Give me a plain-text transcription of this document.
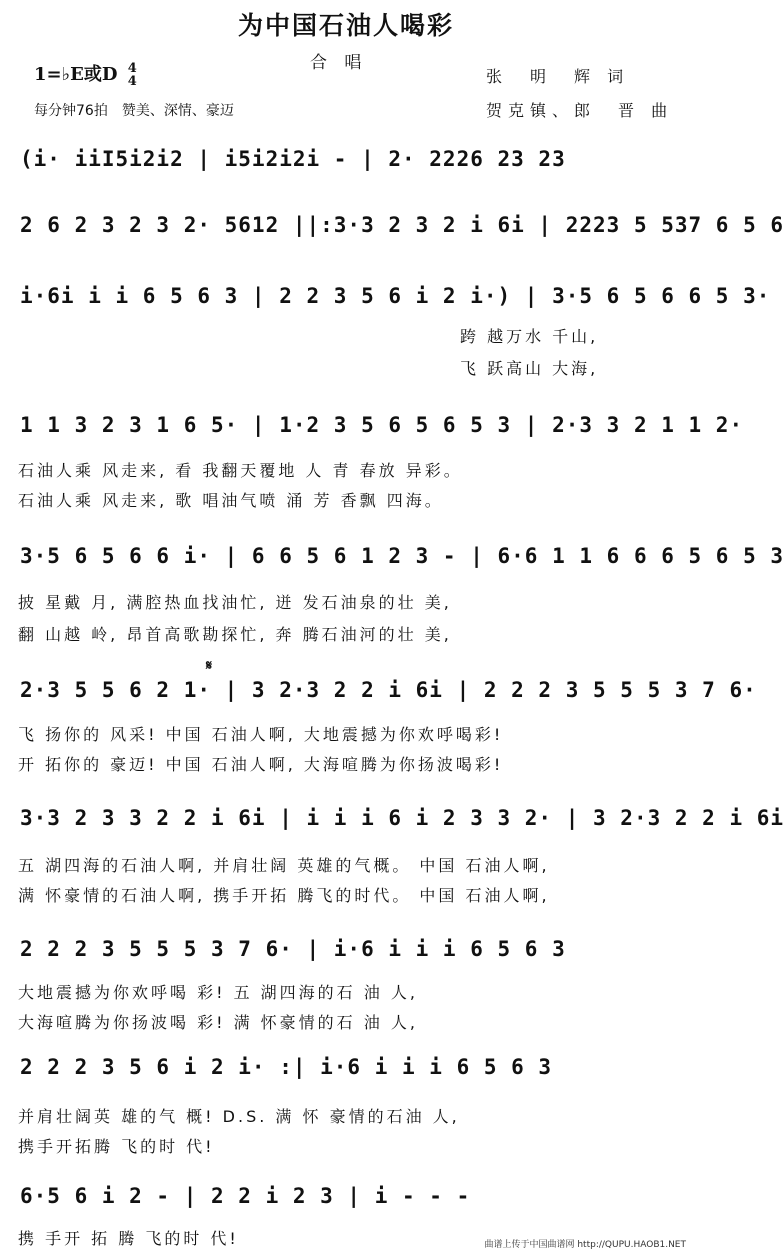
为中国石油人喝彩
合 唱
1=♭E或D 4
4
每分钟76拍　赞美、深情、豪迈
张　明　辉 词
贺克镇、郎　晋 曲
(i· iiI5i2i2 | i5i2i2i - | 2· 2226 23 23
2 6 2 3 2 3 2· 5612 ||:3·3 2 3 2 i 6i | 2223 5 537 6 5 6
i·6i i i 6 5 6 3 | 2 2 3 5 6 i 2 i·) | 3·5 6 5 6 6 5 3·
跨 越万水 千山,
飞 跃高山 大海,
1 1 3 2 3 1 6 5· | 1·2 3 5 6 5 6 5 3 | 2·3 3 2 1 1 2·
石油人乘 风走来, 看 我翻天覆地 人 青 春放 异彩。
石油人乘 风走来, 歌 唱油气喷 涌 芳 香飘 四海。
3·5 6 5 6 6 i· | 6 6 5 6 1 2 3 - | 6·6 1 1 6 6 6 5 6 5 3
披 星戴 月, 满腔热血找油忙, 迸 发石油泉的壮 美,
翻 山越 岭, 昂首高歌勘探忙, 奔 腾石油河的壮 美,
𝄋
2·3 5 5 6 2 1· | 3 2·3 2 2 i 6i | 2 2 2 3 5 5 5 3 7 6·
飞 扬你的 风采! 中国 石油人啊, 大地震撼为你欢呼喝彩!
开 拓你的 豪迈! 中国 石油人啊, 大海喧腾为你扬波喝彩!
3·3 2 3 3 2 2 i 6i | i i i 6 i 2 3 3 2· | 3 2·3 2 2 i 6i
五 湖四海的石油人啊, 并肩壮阔 英雄的气概。 中国 石油人啊,
满 怀豪情的石油人啊, 携手开拓 腾飞的时代。 中国 石油人啊,
2 2 2 3 5 5 5 3 7 6· | i·6 i i i 6 5 6 3
大地震撼为你欢呼喝 彩! 五 湖四海的石 油 人,
大海喧腾为你扬波喝 彩! 满 怀豪情的石 油 人,
2 2 2 3 5 6 i 2 i· :| i·6 i i i 6 5 6 3
并肩壮阔英 雄的气 概! D.S. 满 怀 豪情的石油 人,
携手开拓腾 飞的时 代!
6·5 6 i 2 - | 2 2 i 2 3 | i - - -
携 手开 拓 腾 飞的时 代!	曲谱上传于中国曲谱网 http://QUPU.HAOB1.NET
